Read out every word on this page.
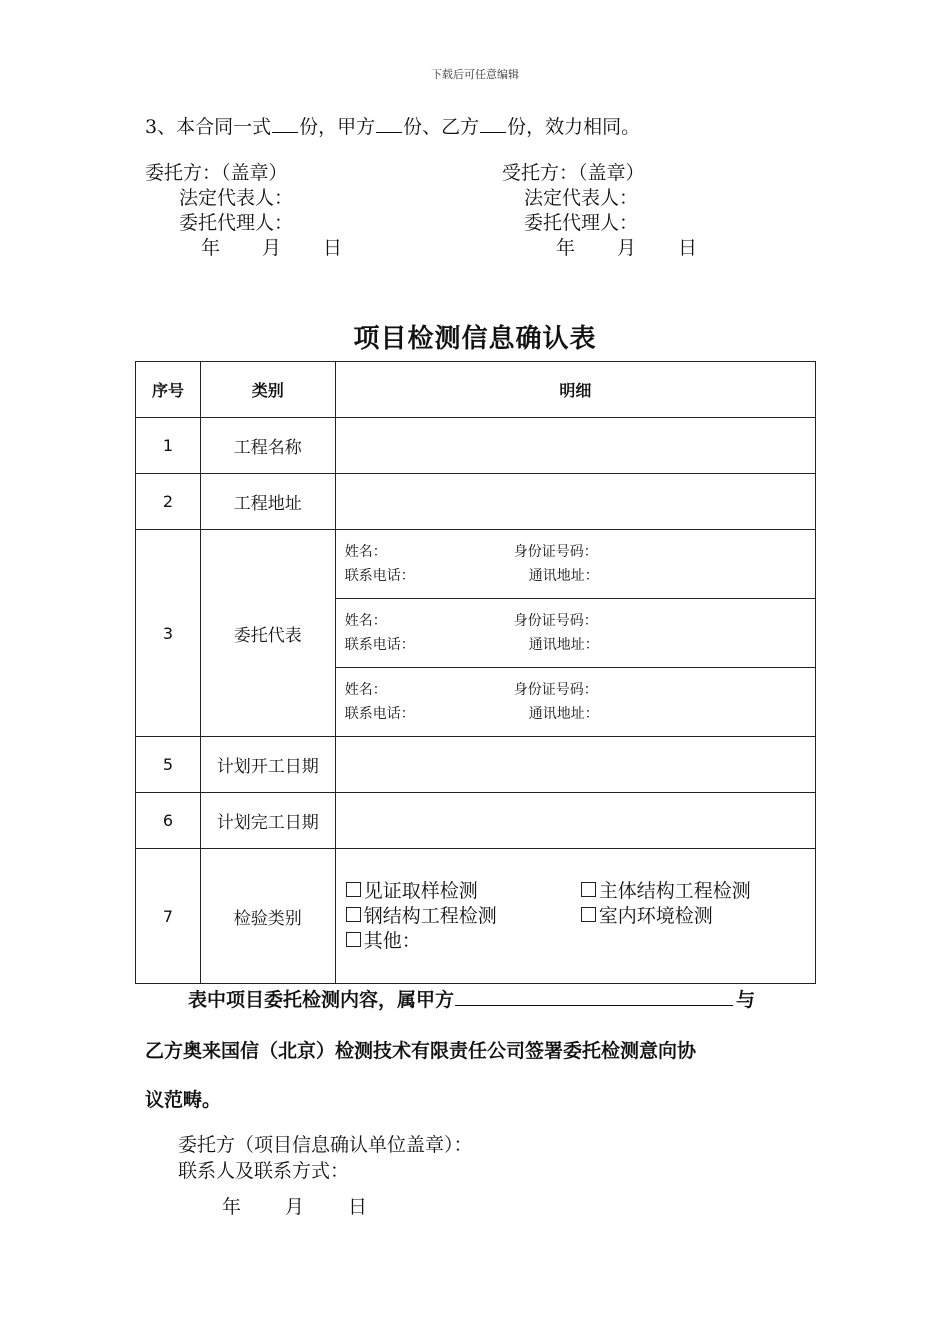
下载后可任意编辑
3、本合同一式 份，甲方 份、乙方 份，效力相同。
委托方：（盖章）
法定代表人：
委托代理人：
年 月 日
受托方：（盖章）
法定代表人：
委托代理人：
年 月 日
项目检测信息确认表
序号	类别	明细
1	工程名称	
2	工程地址	
3	委托代表	姓名： 身份证号码：
联系电话： 通讯地址：

		姓名： 身份证号码：
联系电话： 通讯地址：

		姓名： 身份证号码：
联系电话： 通讯地址：

5	计划开工日期	
6	计划完工日期	
7	检验类别	见证取样检测 主体结构工程检测
钢结构工程检测 室内环境检测
其他：
表中项目委托检测内容，属甲方	与
乙方奥来国信（北京）检测技术有限责任公司签署委托检测意向协
议范畴。
委托方（项目信息确认单位盖章）：
联系人及联系方式：
年 月 日
